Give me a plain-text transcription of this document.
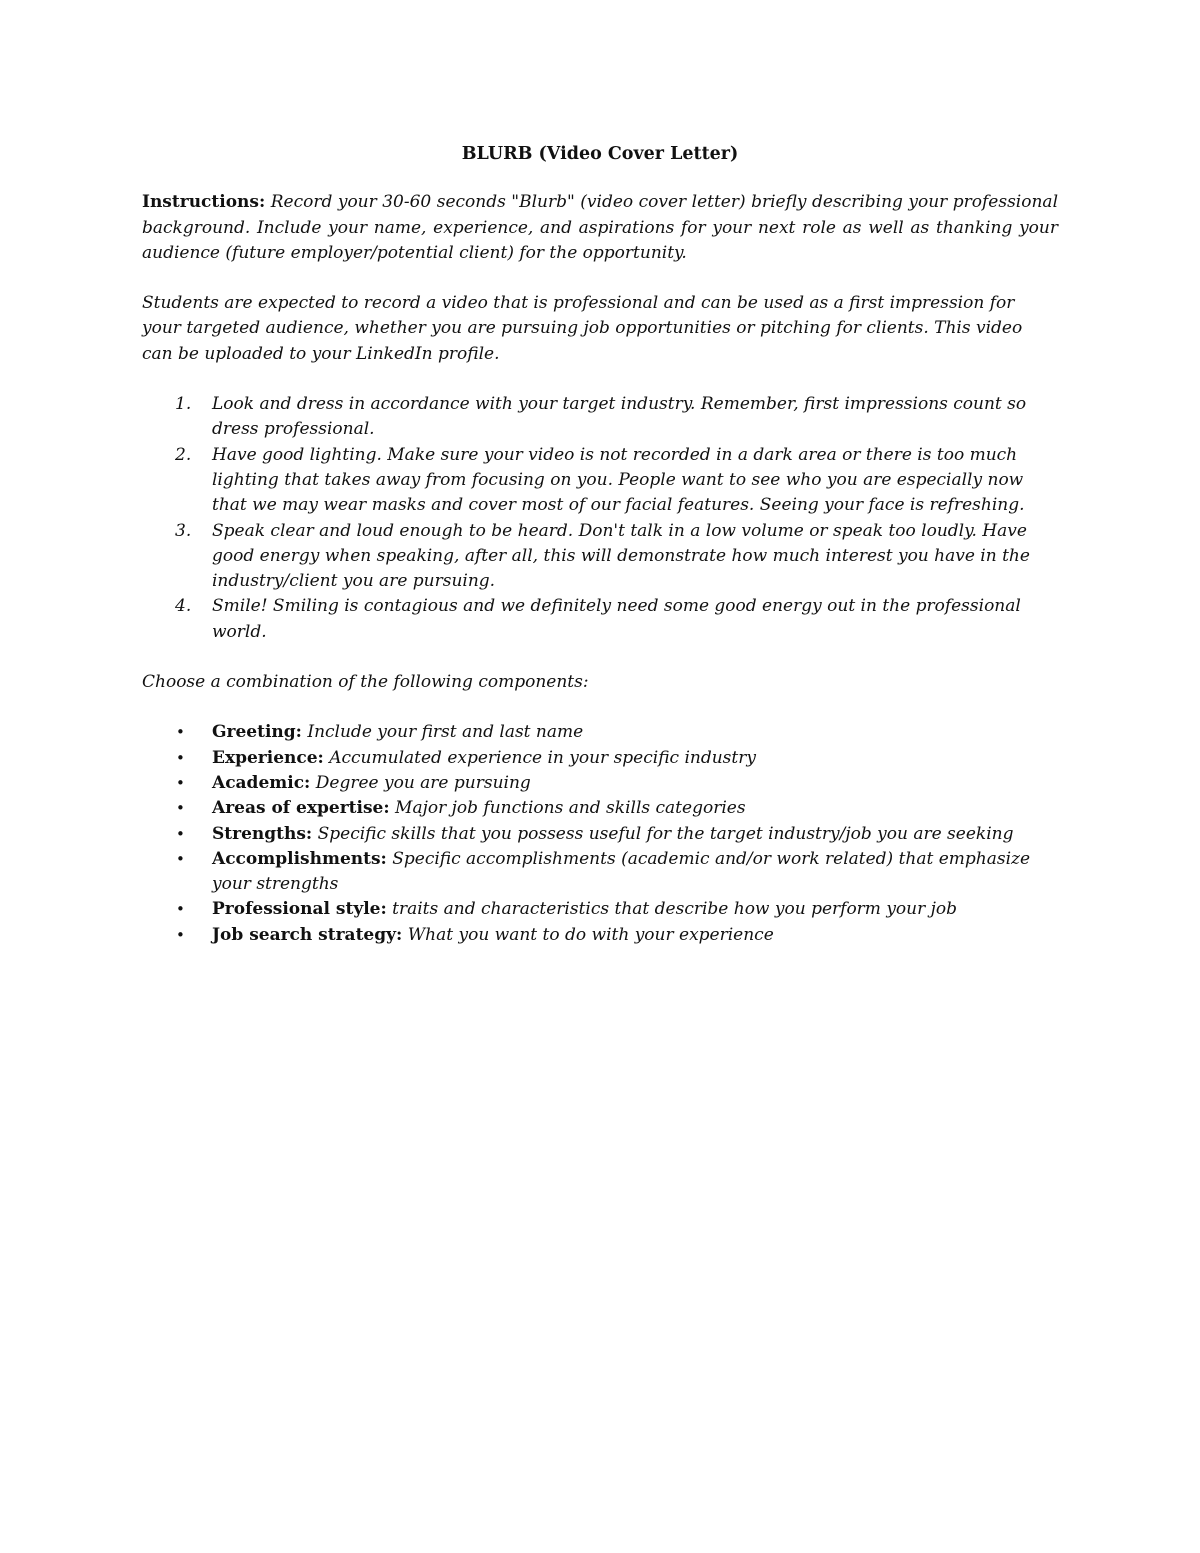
BLURB (Video Cover Letter)

Instructions: Record your 30-60 seconds "Blurb" (video cover letter) briefly describing your professional background. Include your name, experience, and aspirations for your next role as well as thanking your audience (future employer/potential client) for the opportunity.

Students are expected to record a video that is professional and can be used as a first impression for your targeted audience, whether you are pursuing job opportunities or pitching for clients. This video can be uploaded to your LinkedIn profile.

1. Look and dress in accordance with your target industry. Remember, first impressions count so dress professional.
2. Have good lighting. Make sure your video is not recorded in a dark area or there is too much lighting that takes away from focusing on you. People want to see who you are especially now that we may wear masks and cover most of our facial features. Seeing your face is refreshing.
3. Speak clear and loud enough to be heard. Don't talk in a low volume or speak too loudly. Have good energy when speaking, after all, this will demonstrate how much interest you have in the industry/client you are pursuing.
4. Smile! Smiling is contagious and we definitely need some good energy out in the professional world.

Choose a combination of the following components:

• Greeting: Include your first and last name
• Experience: Accumulated experience in your specific industry
• Academic: Degree you are pursuing
• Areas of expertise: Major job functions and skills categories
• Strengths: Specific skills that you possess useful for the target industry/job you are seeking
• Accomplishments: Specific accomplishments (academic and/or work related) that emphasize your strengths
• Professional style: traits and characteristics that describe how you perform your job
• Job search strategy: What you want to do with your experience
